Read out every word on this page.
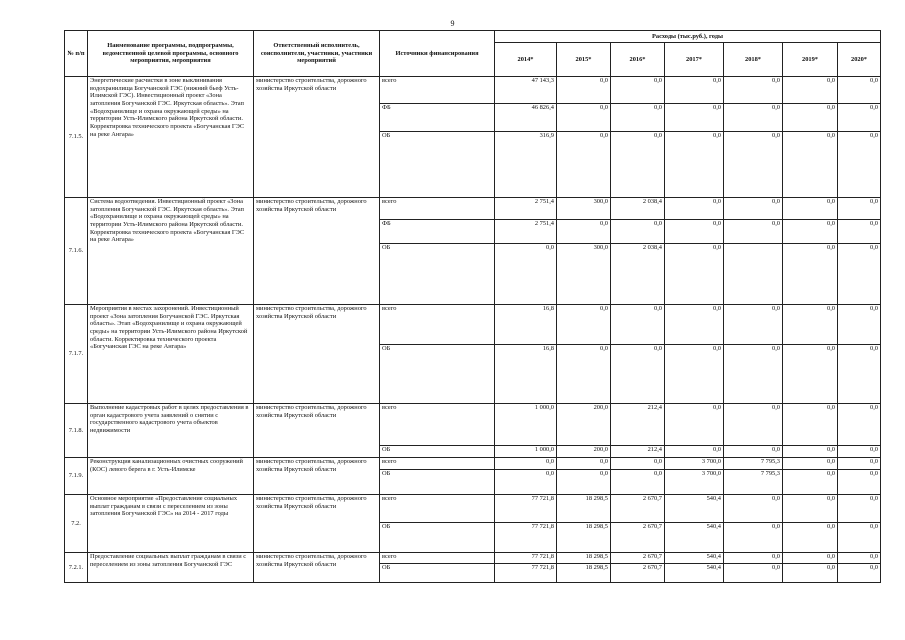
9
№ п/п	Наименование программы, подпрограммы, ведомственной целевой программы, основного мероприятия, мероприятия	Ответственный исполнитель, соисполнители, участники, участники мероприятий	Источники финансирования	Расходы (тыс.руб.), годы						
				2014*	2015*	2016*	2017*	2018*	2019*	2020*
7.1.5.	Энергетические расчистки в зоне выклинивания водохранилища Богучанской ГЭС (нижний бьеф Усть-Илимской ГЭС). Инвестиционный проект «Зона затопления Богучанской ГЭС. Иркутская область». Этап «Водохранилище и охрана окружающей среды» на территории Усть-Илимского района Иркутской области. Корректировка технического проекта «Богучанская ГЭС на реке Ангара»	министерство строительства, дорожного хозяйства Иркутской области	всего	47 143,3	0,0	0,0	0,0	0,0	0,0	0,0
			ФБ	46 826,4	0,0	0,0	0,0	0,0	0,0	0,0
			ОБ	316,9	0,0	0,0	0,0	0,0	0,0	0,0
7.1.6.	Система водоотведения. Инвестиционный проект «Зона затопления Богучанской ГЭС. Иркутская область». Этап «Водохранилище и охрана окружающей среды» на территории Усть-Илимского района Иркутской области. Корректировка технического проекта «Богучанская ГЭС на реке Ангара»	министерство строительства, дорожного хозяйства Иркутской области	всего	2 751,4	300,0	2 038,4	0,0	0,0	0,0	0,0
			ФБ	2 751,4	0,0	0,0	0,0	0,0	0,0	0,0
			ОБ	0,0	300,0	2 038,4	0,0		0,0	0,0
7.1.7.	Мероприятия в местах захоронений. Инвестиционный проект «Зона затопления Богучанской ГЭС. Иркутская область». Этап «Водохранилище и охрана окружающей среды» на территории Усть-Илимского района Иркутской области. Корректировка технического проекта «Богучанская ГЭС на реке Ангара»	министерство строительства, дорожного хозяйства Иркутской области	всего	16,8	0,0	0,0	0,0	0,0	0,0	0,0
			ОБ	16,8	0,0	0,0	0,0	0,0	0,0	0,0
7.1.8.	Выполнение кадастровых работ в целях предоставления в орган кадастрового учета заявлений о снятии с государственного кадастрового учета объектов недвижимости	министерство строительства, дорожного хозяйства Иркутской области	всего	1 000,0	200,0	212,4	0,0	0,0	0,0	0,0
			ОБ	1 000,0	200,0	212,4	0,0	0,0	0,0	0,0
7.1.9.	Реконструкция канализационных очистных сооружений (КОС) левого берега в г. Усть-Илимске	министерство строительства, дорожного хозяйства Иркутской области	всего	0,0	0,0	0,0	3 700,0	7 795,3	0,0	0,0
			ОБ	0,0	0,0	0,0	3 700,0	7 795,3	0,0	0,0
7.2.	Основное мероприятие «Предоставление социальных выплат гражданам в связи с переселением из зоны затопления Богучанской ГЭС» на 2014 - 2017 годы	министерство строительства, дорожного хозяйства Иркутской области	всего	77 721,8	18 298,5	2 670,7	540,4	0,0	0,0	0,0
			ОБ	77 721,8	18 298,5	2 670,7	540,4	0,0	0,0	0,0
7.2.1.	Предоставление социальных выплат гражданам в связи с переселением из зоны затопления Богучанской ГЭС	министерство строительства, дорожного хозяйства Иркутской области	всего	77 721,8	18 298,5	2 670,7	540,4	0,0	0,0	0,0
			ОБ	77 721,8	18 298,5	2 670,7	540,4	0,0	0,0	0,0
